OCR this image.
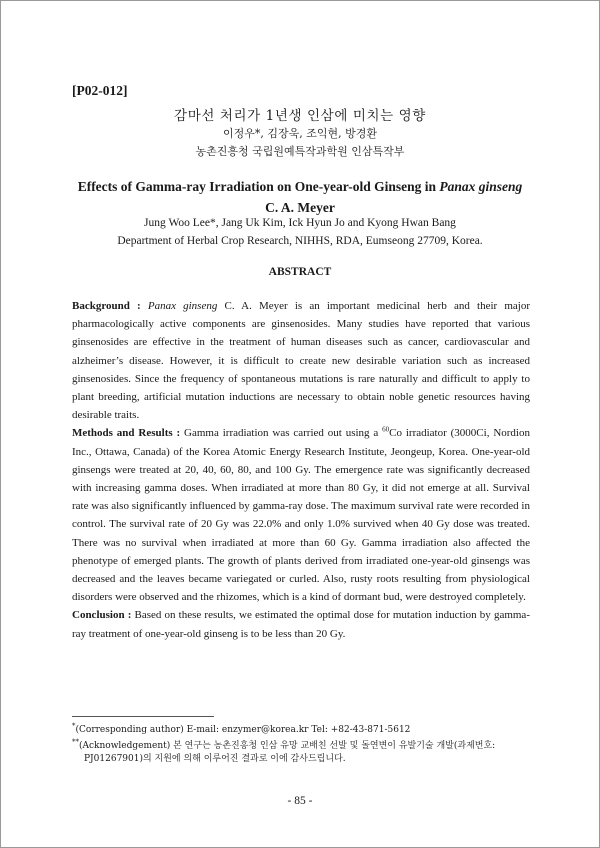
[P02-012]
감마선 처리가 1년생 인삼에 미치는 영향
이정우*, 김장욱, 조익현, 방경환
농촌진흥청 국립원예특작과학원 인삼특작부
Effects of Gamma-ray Irradiation on One-year-old Ginseng in Panax ginseng C. A. Meyer
Jung Woo Lee*, Jang Uk Kim, Ick Hyun Jo and Kyong Hwan Bang
Department of Herbal Crop Research, NIHHS, RDA, Eumseong 27709, Korea.
ABSTRACT

Background : Panax ginseng C. A. Meyer is an important medicinal herb and their major pharmacologically active components are ginsenosides. Many studies have reported that various ginsenosides are effective in the treatment of human diseases such as cancer, cardiovascular and alzheimer’s disease. However, it is difficult to create new desirable variation such as increased ginsenosides. Since the frequency of spontaneous mutations is rare naturally and difficult to apply to plant breeding, artificial mutation inductions are necessary to obtain noble genetic resources having desirable traits.

Methods and Results : Gamma irradiation was carried out using a $^{60}$Co irradiator (3000Ci, Nordion Inc., Ottawa, Canada) of the Korea Atomic Energy Research Institute, Jeongeup, Korea. One-year-old ginsengs were treated at 20, 40, 60, 80, and 100 Gy. The emergence rate was significantly decreased with increasing gamma doses. When irradiated at more than 80 Gy, it did not emerge at all. Survival rate was also significantly influenced by gamma-ray dose. The maximum survival rate were recorded in control. The survival rate of 20 Gy was 22.0% and only 1.0% survived when 40 Gy dose was treated. There was no survival when irradiated at more than 60 Gy. Gamma irradiation also affected the phenotype of emerged plants. The growth of plants derived from irradiated one-year-old ginsengs was decreased and the leaves became variegated or curled. Also, rusty roots resulting from physiological disorders were observed and the rhizomes, which is a kind of dormant bud, were destroyed completely.

Conclusion : Based on these results, we estimated the optimal dose for mutation induction by gamma-ray treatment of one-year-old ginseng is to be less than 20 Gy.

*(Corresponding author) E-mail: enzymer@korea.kr Tel: +82-43-871-5612
**(Acknowledgement) 본 연구는 농촌진흥청 인삼 유망 교배친 선발 및 돌연변이 유발기술 개발(과제번호:
PJ01267901)의 지원에 의해 이루어진 결과로 이에 감사드립니다.
- 85 -
